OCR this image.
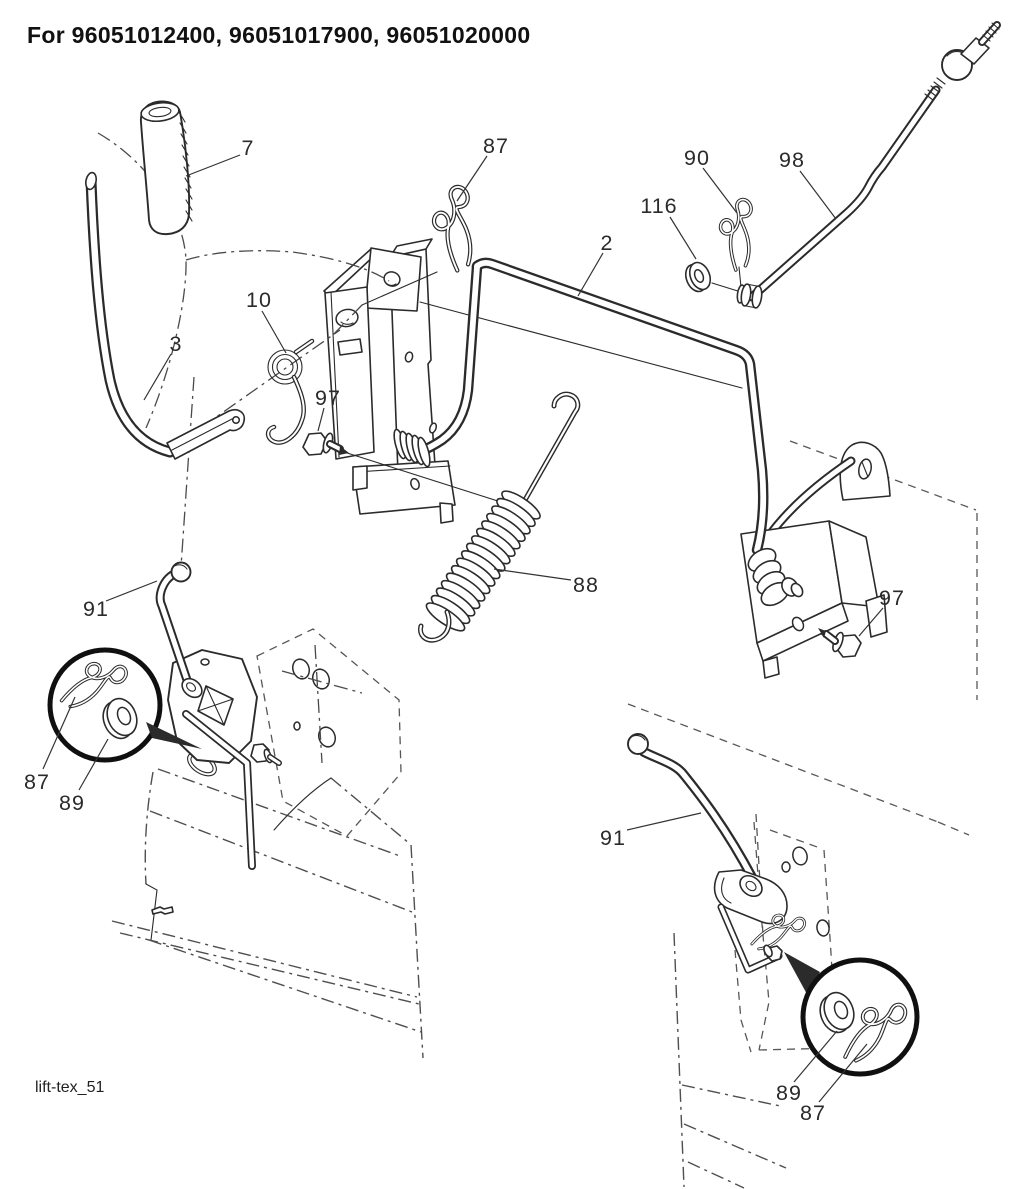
For 96051012400, 96051017900, 96051020000
7	87	90	98
116
2
10
3
97
88
91	97
87
89
91
89
87
lift-tex_51
